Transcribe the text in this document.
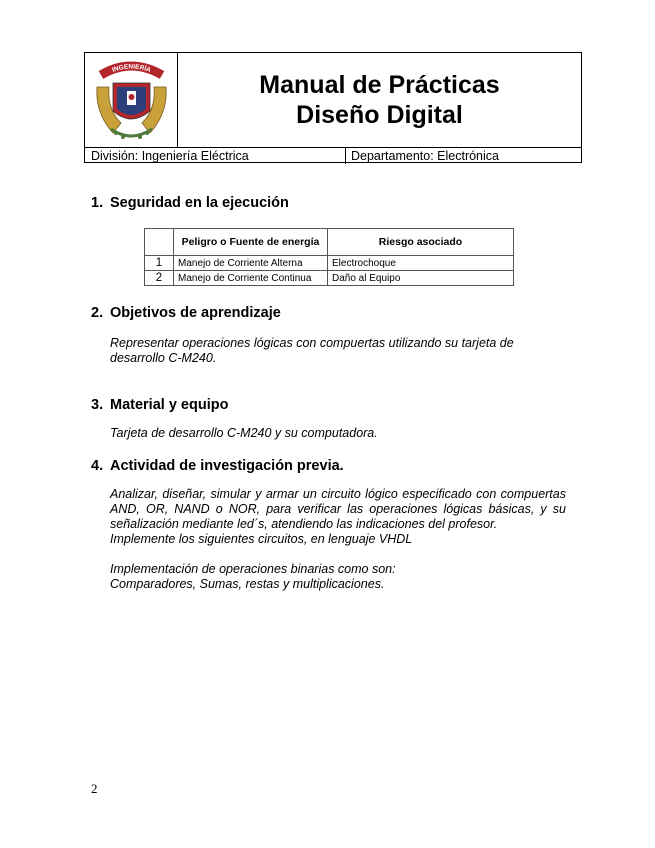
INGENIERÍA
Manual de Prácticas
Diseño Digital
División: Ingeniería Eléctrica	Departamento: Electrónica
1. Seguridad en la ejecución
	Peligro o Fuente de energía	Riesgo asociado
1	Manejo de Corriente Alterna	Electrochoque
2	Manejo de Corriente Continua	Daño al Equipo
2. Objetivos de aprendizaje

Representar operaciones lógicas con compuertas utilizando su tarjeta de desarrollo C-M240.

3. Material y equipo

Tarjeta de desarrollo C-M240 y su computadora.

4. Actividad de investigación previa.

Analizar, diseñar, simular y armar un circuito lógico especificado con compuertas AND, OR, NAND o NOR, para verificar las operaciones lógicas básicas, y su señalización mediante led´s, atendiendo las indicaciones del profesor.

Implemente los siguientes circuitos, en lenguaje VHDL

Implementación de operaciones binarias como son:

Comparadores, Sumas, restas y multiplicaciones.

2
